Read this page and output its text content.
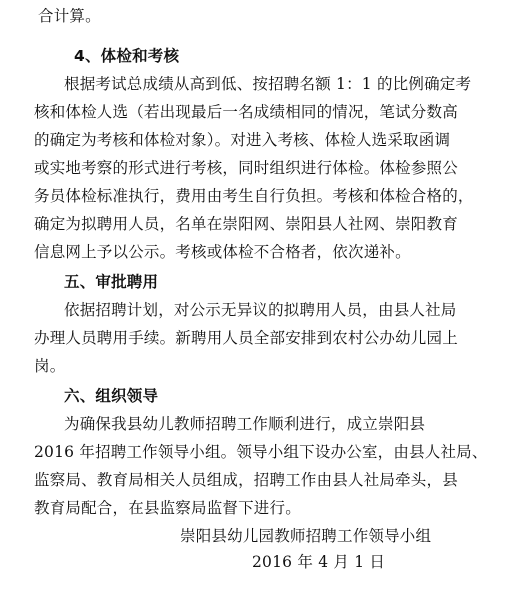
合计算。
4、体检和考核
根据考试总成绩从高到低、按招聘名额 1：1 的比例确定考
核和体检人选（若出现最后一名成绩相同的情况，笔试分数高
的确定为考核和体检对象）。对进入考核、体检人选采取函调
或实地考察的形式进行考核，同时组织进行体检。体检参照公
务员体检标准执行，费用由考生自行负担。考核和体检合格的，
确定为拟聘用人员，名单在崇阳网、崇阳县人社网、崇阳教育
信息网上予以公示。考核或体检不合格者，依次递补。
五、审批聘用
依据招聘计划，对公示无异议的拟聘用人员，由县人社局
办理人员聘用手续。新聘用人员全部安排到农村公办幼儿园上
岗。
六、组织领导
为确保我县幼儿教师招聘工作顺利进行，成立崇阳县
2016 年招聘工作领导小组。领导小组下设办公室，由县人社局、
监察局、教育局相关人员组成，招聘工作由县人社局牵头，县
教育局配合，在县监察局监督下进行。
崇阳县幼儿园教师招聘工作领导小组
2016 年 4 月 1 日
